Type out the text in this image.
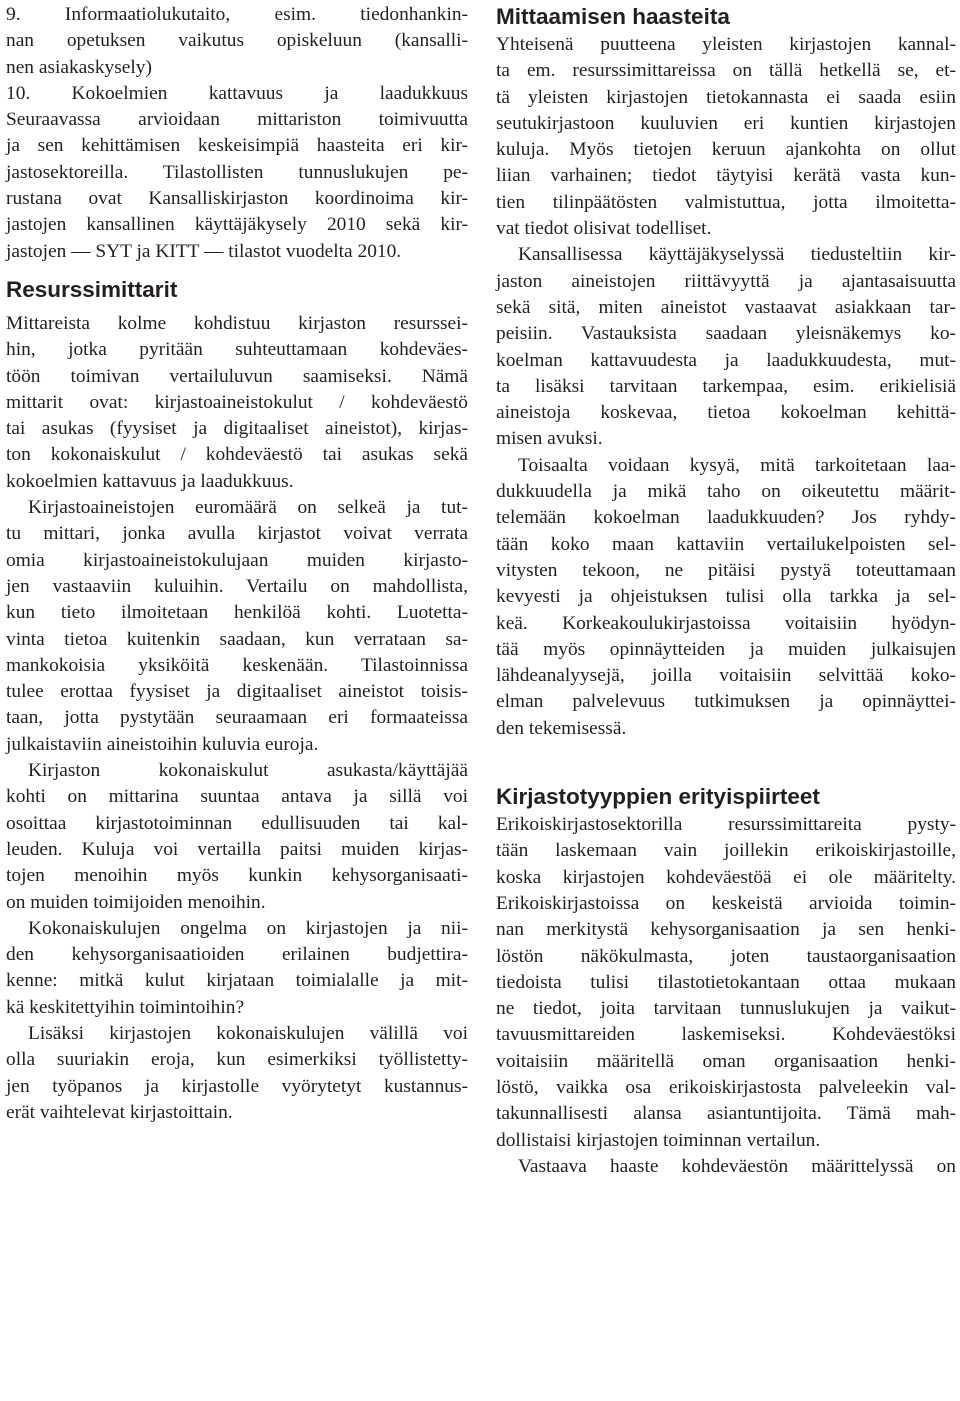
9. Informaatiolukutaito, esim. tiedonhankin-
nan opetuksen vaikutus opiskeluun (kansalli-
nen asiakaskysely)
10. Kokoelmien kattavuus ja laadukkuus
Seuraavassa arvioidaan mittariston toimivuutta
ja sen kehittämisen keskeisimpiä haasteita eri kir-
jastosektoreilla. Tilastollisten tunnuslukujen pe-
rustana ovat Kansalliskirjaston koordinoima kir-
jastojen kansallinen käyttäjäkysely 2010 sekä kir-
jastojen — SYT ja KITT — tilastot vuodelta 2010.
Resurssimittarit
Mittareista kolme kohdistuu kirjaston resurssei-
hin, jotka pyritään suhteuttamaan kohdeväes-
töön toimivan vertailuluvun saamiseksi. Nämä
mittarit ovat: kirjastoaineistokulut / kohdeväestö
tai asukas (fyysiset ja digitaaliset aineistot), kirjas-
ton kokonaiskulut / kohdeväestö tai asukas sekä
kokoelmien kattavuus ja laadukkuus.
Kirjastoaineistojen euromäärä on selkeä ja tut-
tu mittari, jonka avulla kirjastot voivat verrata
omia kirjastoaineistokulujaan muiden kirjasto-
jen vastaaviin kuluihin. Vertailu on mahdollista,
kun tieto ilmoitetaan henkilöä kohti. Luotetta-
vinta tietoa kuitenkin saadaan, kun verrataan sa-
mankokoisia yksiköitä keskenään. Tilastoinnissa
tulee erottaa fyysiset ja digitaaliset aineistot toisis-
taan, jotta pystytään seuraamaan eri formaateissa
julkaistaviin aineistoihin kuluvia euroja.
Kirjaston kokonaiskulut asukasta/käyttäjää
kohti on mittarina suuntaa antava ja sillä voi
osoittaa kirjastotoiminnan edullisuuden tai kal-
leuden. Kuluja voi vertailla paitsi muiden kirjas-
tojen menoihin myös kunkin kehysorganisaati-
on muiden toimijoiden menoihin.
Kokonaiskulujen ongelma on kirjastojen ja nii-
den kehysorganisaatioiden erilainen budjettira-
kenne: mitkä kulut kirjataan toimialalle ja mit-
kä keskitettyihin toimintoihin?
Lisäksi kirjastojen kokonaiskulujen välillä voi
olla suuriakin eroja, kun esimerkiksi työllistetty-
jen työpanos ja kirjastolle vyörytetyt kustannus-
erät vaihtelevat kirjastoittain.
Mittaamisen haasteita
Yhteisenä puutteena yleisten kirjastojen kannal-
ta em. resurssimittareissa on tällä hetkellä se, et-
tä yleisten kirjastojen tietokannasta ei saada esiin
seutukirjastoon kuuluvien eri kuntien kirjastojen
kuluja. Myös tietojen keruun ajankohta on ollut
liian varhainen; tiedot täytyisi kerätä vasta kun-
tien tilinpäätösten valmistuttua, jotta ilmoitetta-
vat tiedot olisivat todelliset.
Kansallisessa käyttäjäkyselyssä tiedusteltiin kir-
jaston aineistojen riittävyyttä ja ajantasaisuutta
sekä sitä, miten aineistot vastaavat asiakkaan tar-
peisiin. Vastauksista saadaan yleisnäkemys ko-
koelman kattavuudesta ja laadukkuudesta, mut-
ta lisäksi tarvitaan tarkempaa, esim. erikielisiä
aineistoja koskevaa, tietoa kokoelman kehittä-
misen avuksi.
Toisaalta voidaan kysyä, mitä tarkoitetaan laa-
dukkuudella ja mikä taho on oikeutettu määrit-
telemään kokoelman laadukkuuden? Jos ryhdy-
tään koko maan kattaviin vertailukelpoisten sel-
vitysten tekoon, ne pitäisi pystyä toteuttamaan
kevyesti ja ohjeistuksen tulisi olla tarkka ja sel-
keä. Korkeakoulukirjastoissa voitaisiin hyödyn-
tää myös opinnäytteiden ja muiden julkaisujen
lähdeanalyysejä, joilla voitaisiin selvittää koko-
elman palvelevuus tutkimuksen ja opinnäyttei-
den tekemisessä.
Kirjastotyyppien erityispiirteet
Erikoiskirjastosektorilla resurssimittareita pysty-
tään laskemaan vain joillekin erikoiskirjastoille,
koska kirjastojen kohdeväestöä ei ole määritelty.
Erikoiskirjastoissa on keskeistä arvioida toimin-
nan merkitystä kehysorganisaation ja sen henki-
löstön näkökulmasta, joten taustaorganisaation
tiedoista tulisi tilastotietokantaan ottaa mukaan
ne tiedot, joita tarvitaan tunnuslukujen ja vaikut-
tavuusmittareiden laskemiseksi. Kohdeväestöksi
voitaisiin määritellä oman organisaation henki-
löstö, vaikka osa erikoiskirjastosta palveleekin val-
takunnallisesti alansa asiantuntijoita. Tämä mah-
dollistaisi kirjastojen toiminnan vertailun.
Vastaava haaste kohdeväestön määrittelyssä on
